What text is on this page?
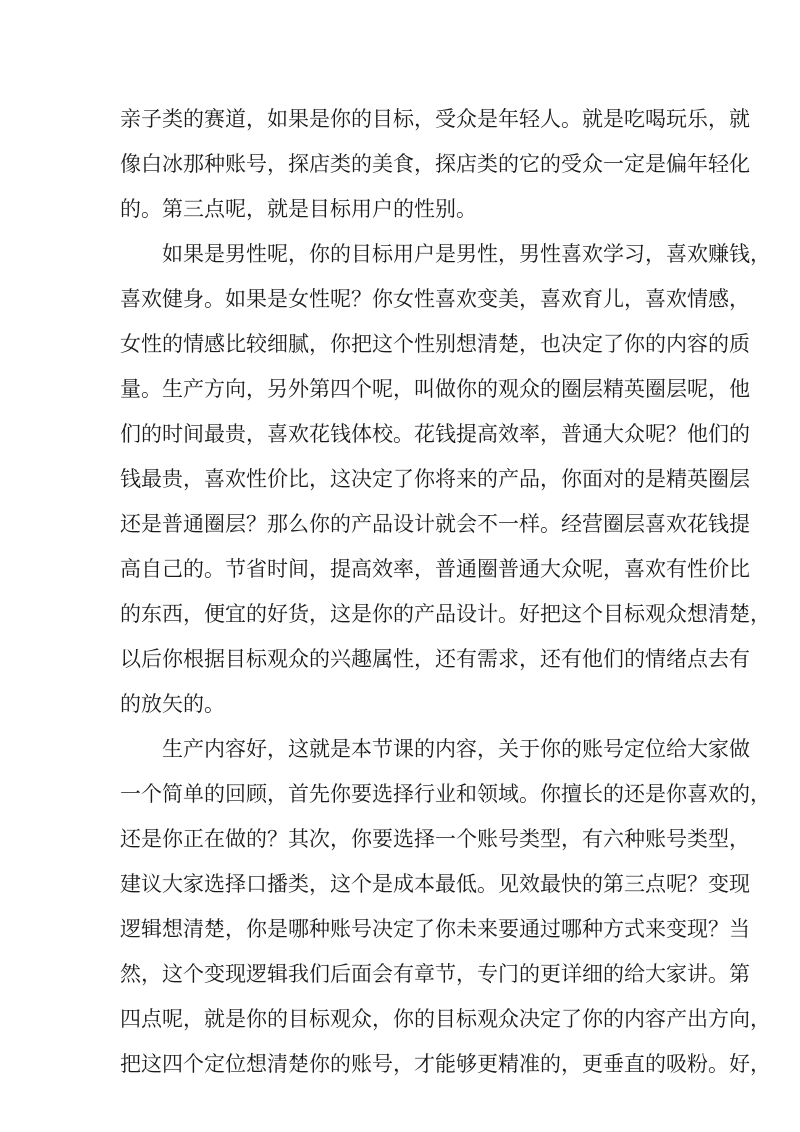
亲子类的赛道，如果是你的目标，受众是年轻人。就是吃喝玩乐，就
像白冰那种账号，探店类的美食，探店类的它的受众一定是偏年轻化
的。第三点呢，就是目标用户的性别。
如果是男性呢，你的目标用户是男性，男性喜欢学习，喜欢赚钱，
喜欢健身。如果是女性呢？你女性喜欢变美，喜欢育儿，喜欢情感，
女性的情感比较细腻，你把这个性别想清楚，也决定了你的内容的质
量。生产方向，另外第四个呢，叫做你的观众的圈层精英圈层呢，他
们的时间最贵，喜欢花钱体校。花钱提高效率，普通大众呢？他们的
钱最贵，喜欢性价比，这决定了你将来的产品，你面对的是精英圈层
还是普通圈层？那么你的产品设计就会不一样。经营圈层喜欢花钱提
高自己的。节省时间，提高效率，普通圈普通大众呢，喜欢有性价比
的东西，便宜的好货，这是你的产品设计。好把这个目标观众想清楚，
以后你根据目标观众的兴趣属性，还有需求，还有他们的情绪点去有
的放矢的。
生产内容好，这就是本节课的内容，关于你的账号定位给大家做
一个简单的回顾，首先你要选择行业和领域。你擅长的还是你喜欢的，
还是你正在做的？其次，你要选择一个账号类型，有六种账号类型，
建议大家选择口播类，这个是成本最低。见效最快的第三点呢？变现
逻辑想清楚，你是哪种账号决定了你未来要通过哪种方式来变现？当
然，这个变现逻辑我们后面会有章节，专门的更详细的给大家讲。第
四点呢，就是你的目标观众，你的目标观众决定了你的内容产出方向，
把这四个定位想清楚你的账号，才能够更精准的，更垂直的吸粉。好，
